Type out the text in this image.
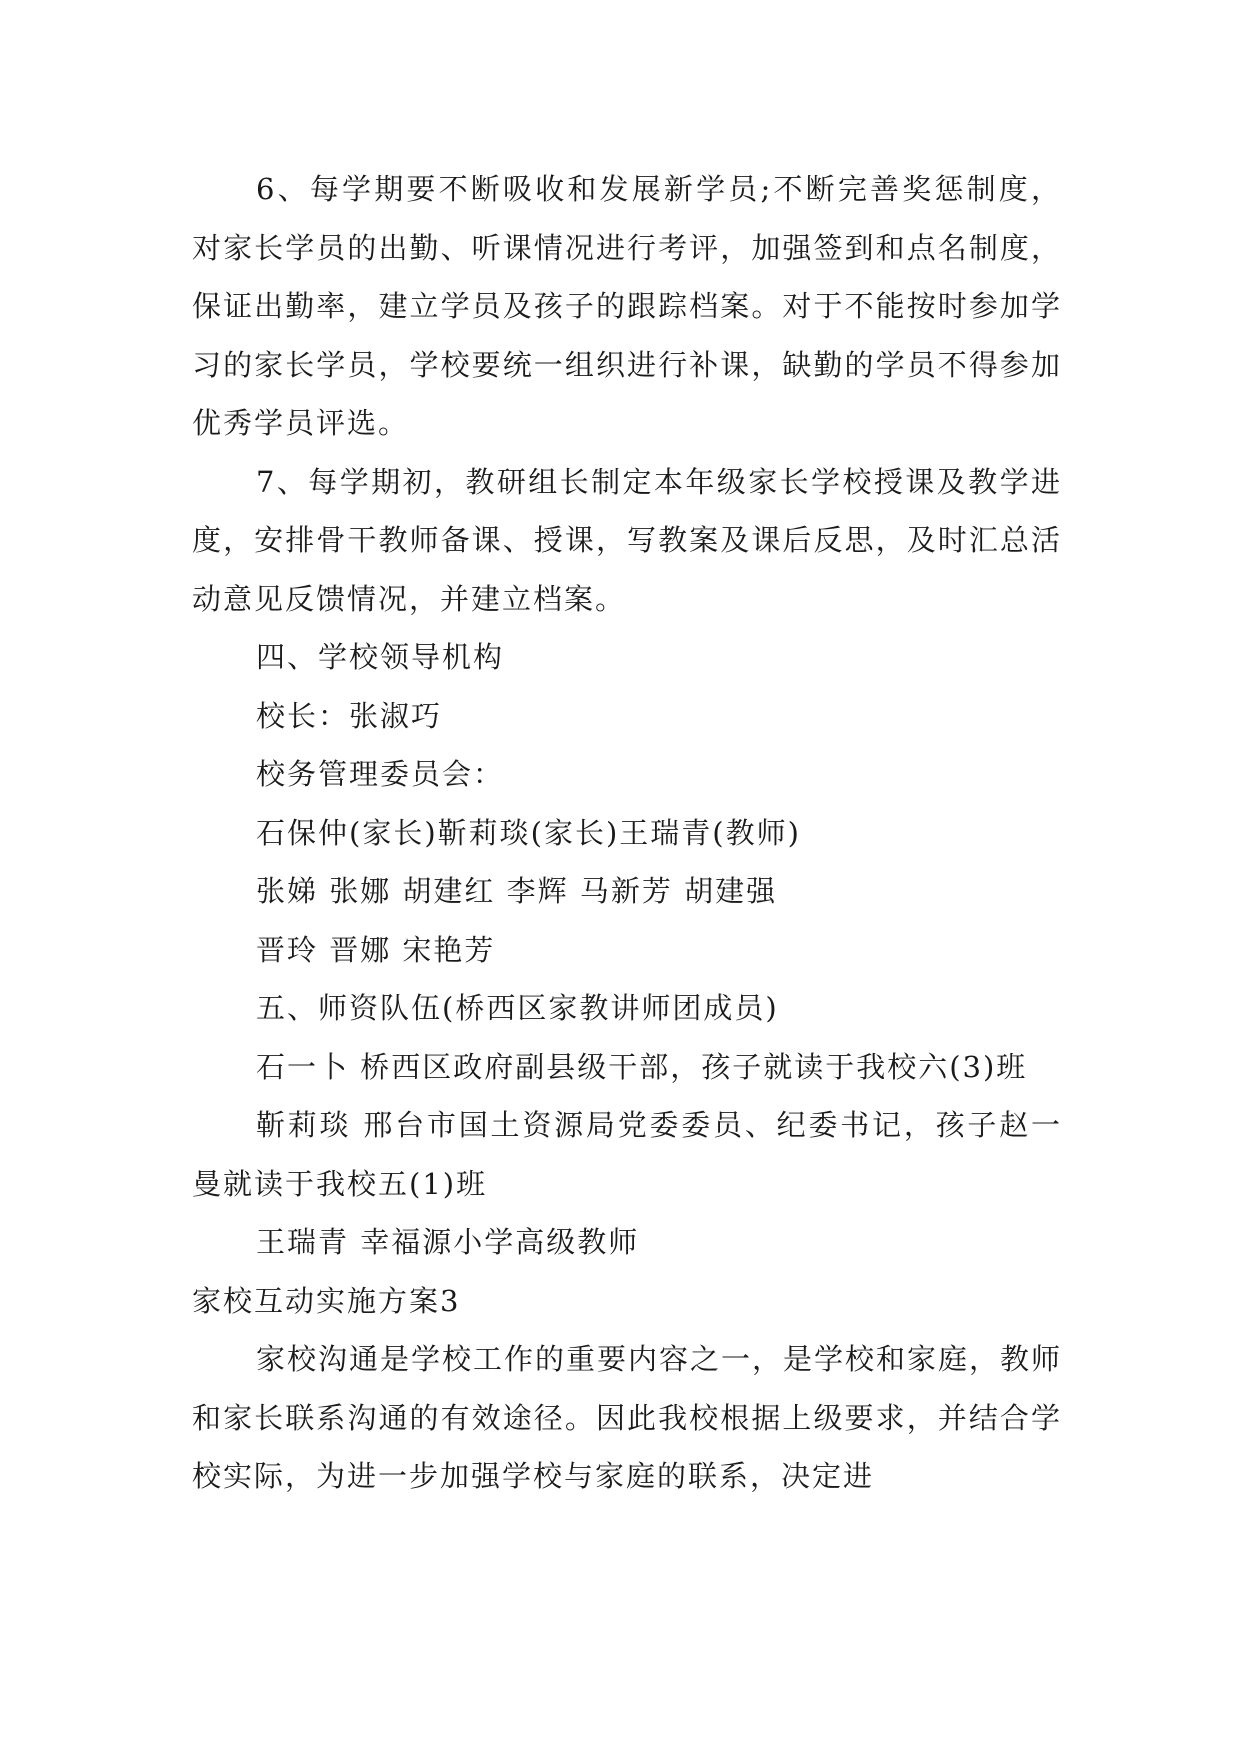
6、每学期要不断吸收和发展新学员;不断完善奖惩制度，对家长学员的出勤、听课情况进行考评，加强签到和点名制度，保证出勤率，建立学员及孩子的跟踪档案。对于不能按时参加学习的家长学员，学校要统一组织进行补课，缺勤的学员不得参加优秀学员评选。

7、每学期初，教研组长制定本年级家长学校授课及教学进度，安排骨干教师备课、授课，写教案及课后反思，及时汇总活动意见反馈情况，并建立档案。

四、学校领导机构

校长：张淑巧

校务管理委员会：

石保仲(家长)靳莉琰(家长)王瑞青(教师)

张娣 张娜 胡建红 李辉 马新芳 胡建强

晋玲 晋娜 宋艳芳

五、师资队伍(桥西区家教讲师团成员)

石一卜 桥西区政府副县级干部，孩子就读于我校六(3)班

靳莉琰 邢台市国土资源局党委委员、纪委书记，孩子赵一曼就读于我校五(1)班

王瑞青 幸福源小学高级教师

家校互动实施方案3

家校沟通是学校工作的重要内容之一，是学校和家庭，教师和家长联系沟通的有效途径。因此我校根据上级要求，并结合学校实际，为进一步加强学校与家庭的联系，决定进
